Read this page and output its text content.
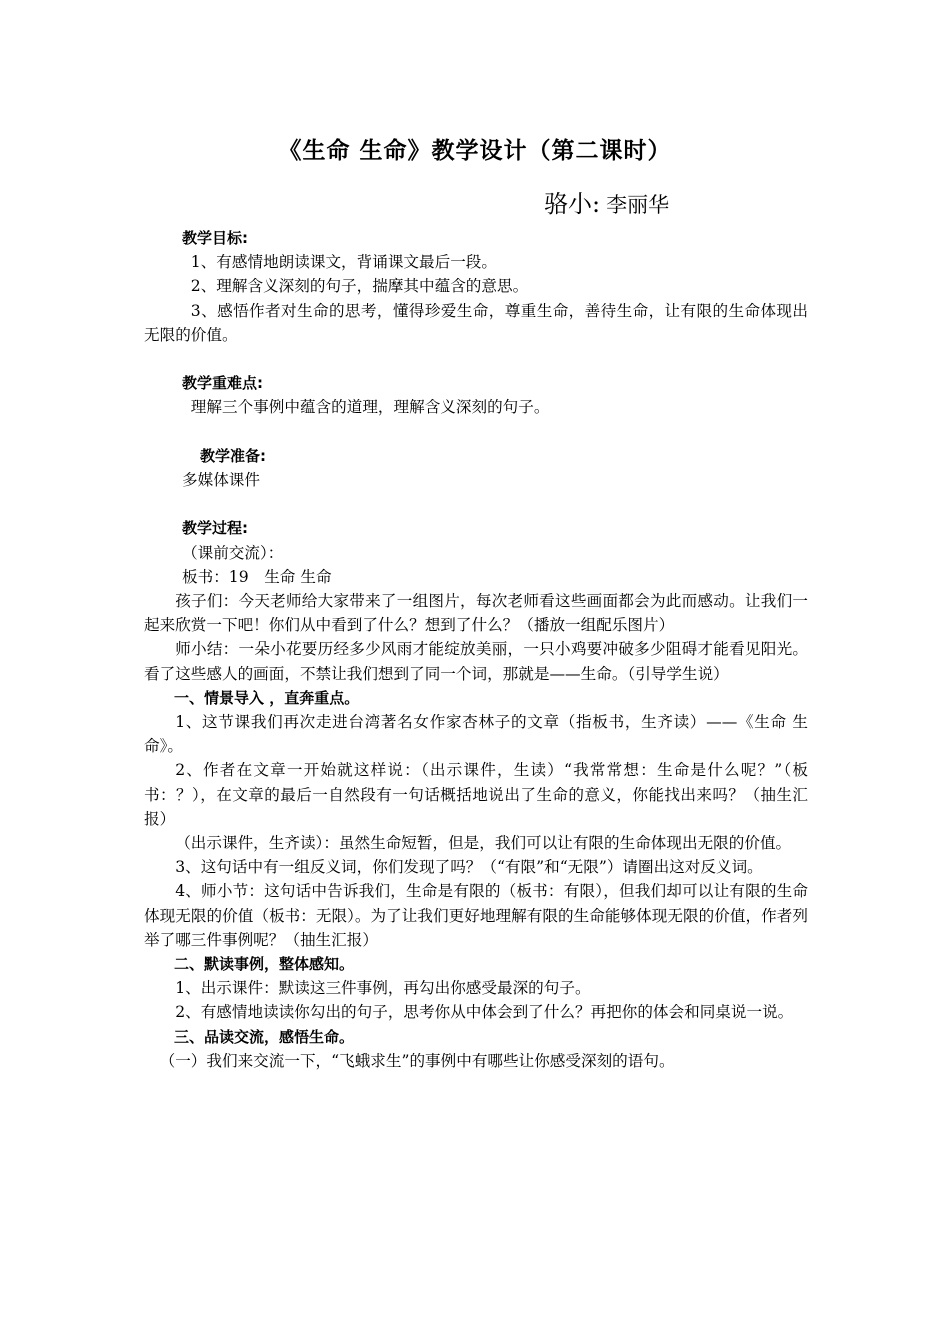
《生命 生命》教学设计（第二课时）
骆小: 李丽华

教学目标:

1、有感情地朗读课文，背诵课文最后一段。

2、理解含义深刻的句子，揣摩其中蕴含的意思。

3、感悟作者对生命的思考，懂得珍爱生命，尊重生命，善待生命，让有限的生命体现出无限的价值。

教学重难点:

理解三个事例中蕴含的道理，理解含义深刻的句子。

教学准备:

多媒体课件

教学过程:

（课前交流）：

板书：19　生命 生命

孩子们：今天老师给大家带来了一组图片，每次老师看这些画面都会为此而感动。让我们一起来欣赏一下吧！你们从中看到了什么？想到了什么？（播放一组配乐图片）

师小结：一朵小花要历经多少风雨才能绽放美丽，一只小鸡要冲破多少阻碍才能看见阳光。看了这些感人的画面，不禁让我们想到了同一个词，那就是——生命。（引导学生说）

一、情景导入 ，直奔重点。

1、这节课我们再次走进台湾著名女作家杏林子的文章（指板书，生齐读）——《生命 生命》。

2、作者在文章一开始就这样说：（出示课件，生读）“我常常想：生命是什么呢？”（板书：？），在文章的最后一自然段有一句话概括地说出了生命的意义，你能找出来吗？（抽生汇报）

（出示课件，生齐读）：虽然生命短暂，但是，我们可以让有限的生命体现出无限的价值。

3、这句话中有一组反义词，你们发现了吗？（“有限”和“无限”）请圈出这对反义词。

4、师小节：这句话中告诉我们，生命是有限的（板书：有限），但我们却可以让有限的生命体现无限的价值（板书：无限）。为了让我们更好地理解有限的生命能够体现无限的价值，作者列举了哪三件事例呢？（抽生汇报）

二、默读事例，整体感知。

1、出示课件：默读这三件事例，再勾出你感受最深的句子。

2、有感情地读读你勾出的句子，思考你从中体会到了什么？再把你的体会和同桌说一说。

三、品读交流，感悟生命。

（一）我们来交流一下，“飞蛾求生”的事例中有哪些让你感受深刻的语句。
